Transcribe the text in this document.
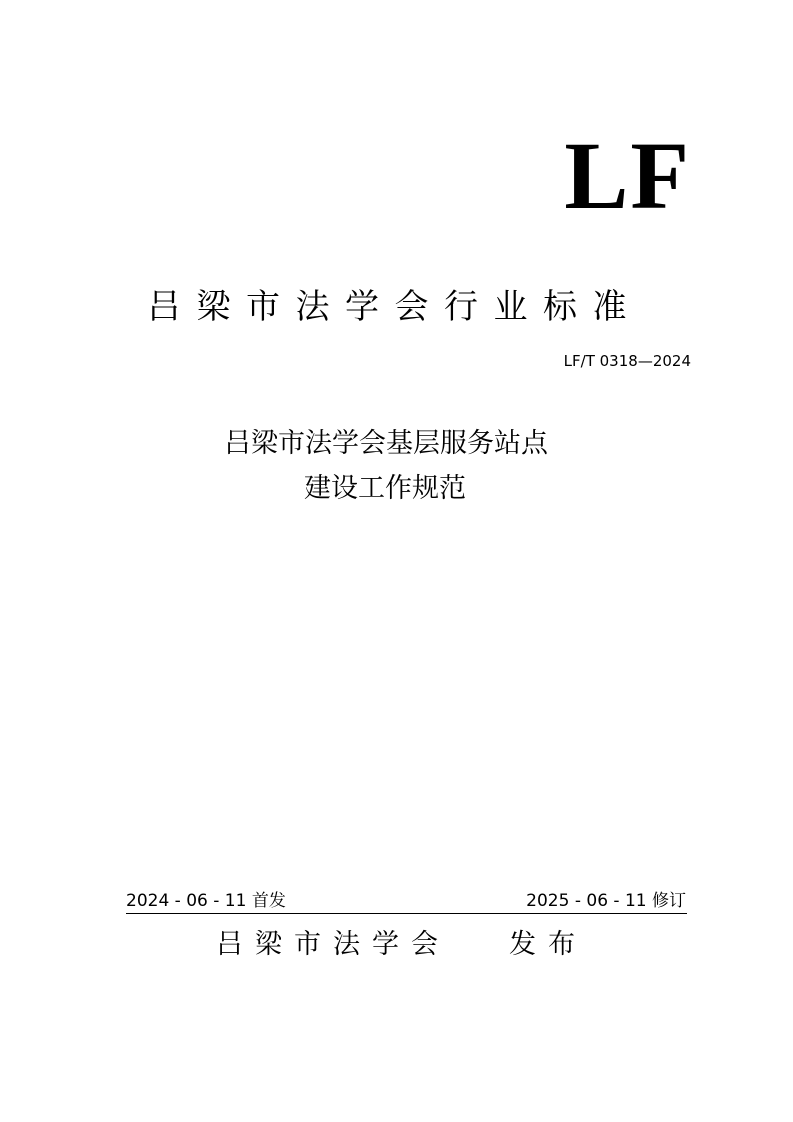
LF
吕梁市法学会行业标准
LF/T 0318—2024
吕梁市法学会基层服务站点
建设工作规范
2024 - 06 - 11 首发	2025 - 06 - 11 修订
吕梁市法学会 发布
